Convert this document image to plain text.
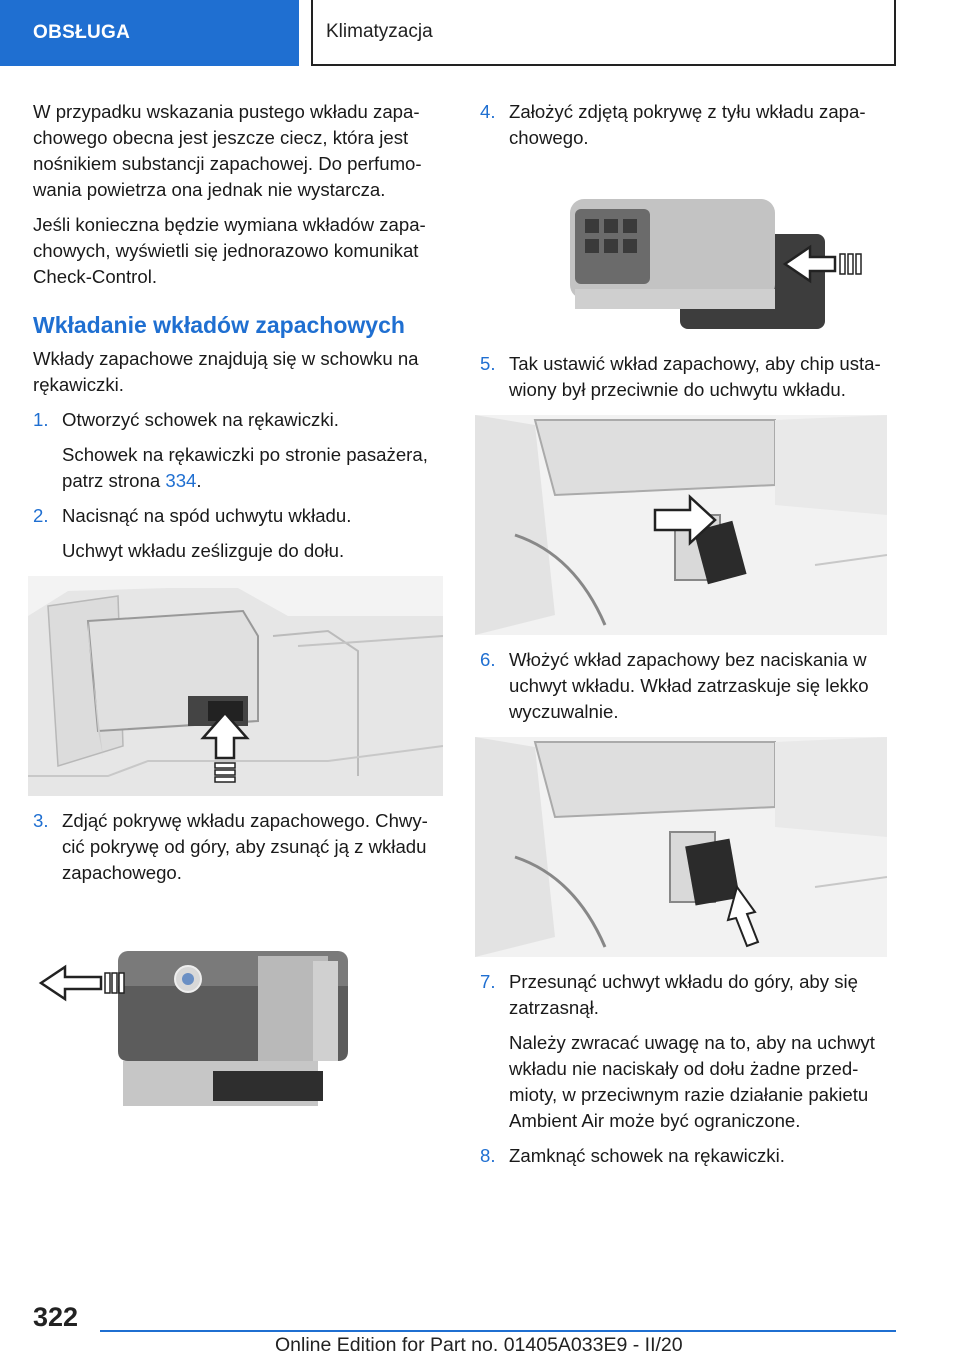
OBSŁUGA	Klimatyzacja

W przypadku wskazania pustego wkładu zapachowego obecna jest jeszcze ciecz, która jest nośnikiem substancji zapachowej. Do perfumowania powietrza ona jednak nie wystarcza.

Jeśli konieczna będzie wymiana wkładów zapachowych, wyświetli się jednorazowo komunikat Check-Control.

Wkładanie wkładów zapachowych

Wkłady zapachowe znajdują się w schowku na rękawiczki.

1. Otworzyć schowek na rękawiczki.
Schowek na rękawiczki po stronie pasażera, patrz strona 334.
2. Nacisnąć na spód uchwytu wkładu.
Uchwyt wkładu ześlizguje do dołu.
3. Zdjąć pokrywę wkładu zapachowego. Chwycić pokrywę od góry, aby zsunąć ją z wkładu zapachowego.
4. Założyć zdjętą pokrywę z tyłu wkładu zapachowego.
5. Tak ustawić wkład zapachowy, aby chip ustawiony był przeciwnie do uchwytu wkładu.
6. Włożyć wkład zapachowy bez naciskania w uchwyt wkładu. Wkład zatrzaskuje się lekko wyczuwalnie.
7. Przesunąć uchwyt wkładu do góry, aby się zatrzasnął.
Należy zwracać uwagę na to, aby na uchwyt wkładu nie naciskały od dołu żadne przedmioty, w przeciwnym razie działanie pakietu Ambient Air może być ograniczone.
8. Zamknąć schowek na rękawiczki.
322
Online Edition for Part no. 01405A033E9 - II/20
